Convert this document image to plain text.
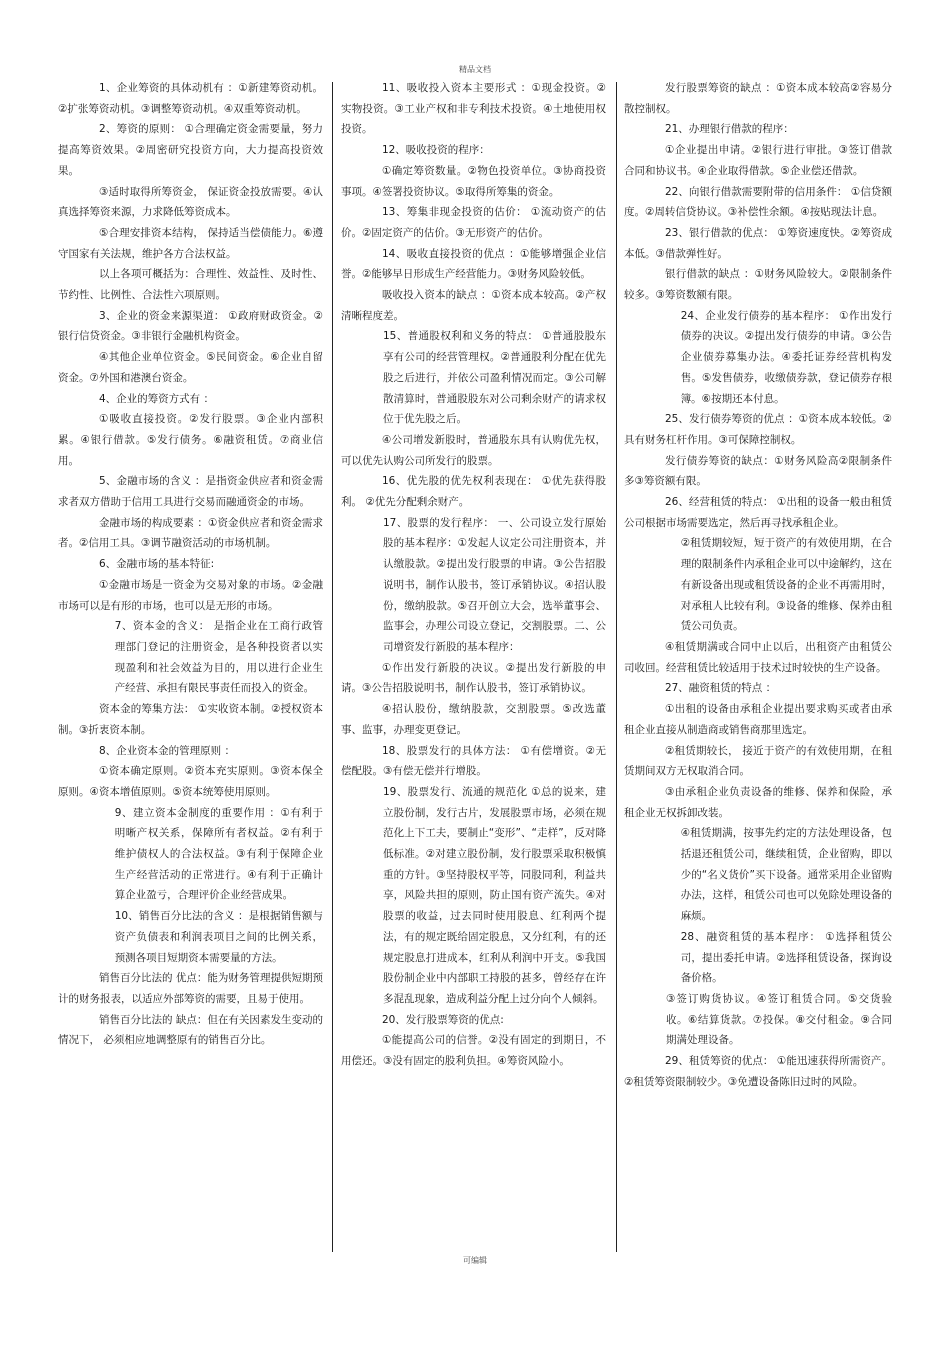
精品文档

1、企业筹资的具体动机有 ：①新建筹资动机。②扩张筹资动机。③调整筹资动机。④双重筹资动机。

2、筹资的原则： ①合理确定资金需要量，努力提高筹资效果。②周密研究投资方向，大力提高投资效果。

③适时取得所筹资金， 保证资金投放需要。④认真选择筹资来源，力求降低筹资成本。

⑤合理安排资本结构， 保持适当偿债能力。⑥遵守国家有关法规，维护各方合法权益。

以上各项可概括为：合理性、效益性、及时性、节约性、比例性、合法性六项原则。

3、企业的资金来源渠道： ①政府财政资金。②银行信贷资金。③非银行金融机构资金。

④其他企业单位资金。⑤民间资金。⑥企业自留资金。⑦外国和港澳台资金。

4、企业的筹资方式有 ：

①吸收直接投资。②发行股票。③企业内部积累。④银行借款。⑤发行债务。⑥融资租赁。⑦商业信用。

5、金融市场的含义 ：是指资金供应者和资金需求者双方借助于信用工具进行交易而融通资金的市场。

金融市场的构成要素 ：①资金供应者和资金需求者。②信用工具。③调节融资活动的市场机制。

6、金融市场的基本特征:

①金融市场是一资金为交易对象的市场。②金融市场可以是有形的市场，也可以是无形的市场。

7、资本金的含义： 是指企业在工商行政管理部门登记的注册资金，是各种投资者以实现盈利和社会效益为目的，用以进行企业生产经营、承担有限民事责任而投入的资金。

资本金的筹集方法： ①实收资本制。②授权资本制。③折衷资本制。

8、企业资本金的管理原则 ：

①资本确定原则。②资本充实原则。③资本保全原则。④资本增值原则。⑤资本统筹使用原则。

9、建立资本金制度的重要作用 ：①有利于明晰产权关系，保障所有者权益。②有利于维护债权人的合法权益。③有利于保障企业生产经营活动的正常进行。④有利于正确计算企业盈亏，合理评价企业经营成果。

10、销售百分比法的含义 ：是根据销售额与资产负债表和利润表项目之间的比例关系，预测各项目短期资本需要量的方法。

销售百分比法的 优点：能为财务管理提供短期预计的财务报表，以适应外部筹资的需要，且易于使用。

销售百分比法的 缺点：但在有关因素发生变动的情况下， 必须相应地调整原有的销售百分比。

11、吸收投入资本主要形式 ：①现金投资。②实物投资。③工业产权和非专利技术投资。④土地使用权投资。

12、吸收投资的程序：

①确定筹资数量。②物色投资单位。③协商投资事项。④签署投资协议。⑤取得所筹集的资金。

13、筹集非现金投资的估价： ①流动资产的估价。②固定资产的估价。③无形资产的估价。

14、吸收直接投资的优点 ：①能够增强企业信誉。②能够早日形成生产经营能力。③财务风险较低。

吸收投入资本的缺点 ：①资本成本较高。②产权清晰程度差。

15、普通股权利和义务的特点： ①普通股股东享有公司的经营管理权。②普通股利分配在优先股之后进行，并依公司盈利情况而定。③公司解散清算时，普通股股东对公司剩余财产的请求权位于优先股之后。

④公司增发新股时，普通股东具有认购优先权，可以优先认购公司所发行的股票。

16、优先股的优先权利表现在： ①优先获得股利。 ②优先分配剩余财产。

17、股票的发行程序： 一、公司设立发行原始股的基本程序：①发起人议定公司注册资本，并认缴股款。②提出发行股票的申请。③公告招股说明书，制作认股书，签订承销协议。④招认股份，缴纳股款。⑤召开创立大会，选举董事会、监事会，办理公司设立登记，交割股票。二、公司增资发行新股的基本程序：

①作出发行新股的决议。②提出发行新股的申请。③公告招股说明书，制作认股书，签订承销协议。

④招认股份，缴纳股款，交割股票。⑤改选董事、监事，办理变更登记。

18、股票发行的具体方法： ①有偿增资。②无偿配股。③有偿无偿并行增股。

19、股票发行、流通的规范化 ①总的说来，建立股份制，发行古片，发展股票市场，必须在规范化上下工夫，要制止“变形”、“走样”，反对降低标准。②对建立股份制，发行股票采取积极慎重的方针。③坚持股权平等，同股同利，利益共享，风险共担的原则，防止国有资产流失。④对股票的收益，过去同时使用股息、红利两个提法，有的规定既给固定股息，又分红利，有的还规定股息打进成本，红利从利润中开支。⑤我国股份制企业中内部职工持股的甚多，曾经存在许多混乱现象，造成利益分配上过分向个人倾斜。

20、发行股票筹资的优点:

①能提高公司的信誉。②没有固定的到期日，不用偿还。③没有固定的股利负担。④筹资风险小。

发行股票筹资的缺点 ：①资本成本较高②容易分散控制权。

21、办理银行借款的程序：

①企业提出申请。②银行进行审批。③签订借款合同和协议书。④企业取得借款。⑤企业偿还借款。

22、向银行借款需要附带的信用条件： ①信贷额度。②周转信贷协议。③补偿性余额。④按贴现法计息。

23、银行借款的优点： ①筹资速度快。②筹资成本低。③借款弹性好。

银行借款的缺点 ：①财务风险较大。②限制条件较多。③筹资数额有限。

24、企业发行债券的基本程序： ①作出发行债券的决议。②提出发行债券的申请。③公告企业债券募集办法。④委托证券经营机构发售。⑤发售债券，收缴债券款，登记债券存根簿。⑥按期还本付息。

25、发行债券筹资的优点 ：①资本成本较低。②具有财务杠杆作用。③可保障控制权。

发行债券筹资的缺点：①财务风险高②限制条件多③筹资额有限。

26、经营租赁的特点： ①出租的设备一般由租赁公司根据市场需要选定，然后再寻找承租企业。

②租赁期较短，短于资产的有效使用期，在合理的限制条件内承租企业可以中途解约，这在有新设备出现或租赁设备的企业不再需用时，对承租人比较有利。③设备的维修、保养由租赁公司负责。

④租赁期满或合同中止以后，出租资产由租赁公司收回。经营租赁比较适用于技术过时较快的生产设备。

27、融资租赁的特点 ：

①出租的设备由承租企业提出要求购买或者由承租企业直接从制造商或销售商那里选定。

②租赁期较长， 接近于资产的有效使用期，在租赁期间双方无权取消合同。

③由承租企业负责设备的维修、保养和保险，承租企业无权拆卸改装。

④租赁期满，按事先约定的方法处理设备，包括退还租赁公司，继续租赁，企业留购，即以少的“名义货价”买下设备。通常采用企业留购办法，这样，租赁公司也可以免除处理设备的麻烦。

28、融资租赁的基本程序： ①选择租赁公司，提出委托申请。②选择租赁设备，探询设备价格。

③签订购货协议。④签订租赁合同。⑤交货验收。⑥结算货款。⑦投保。⑧交付租金。⑨合同期满处理设备。

29、租赁筹资的优点： ①能迅速获得所需资产。②租赁筹资限制较少。③免遭设备陈旧过时的风险。

可编辑
